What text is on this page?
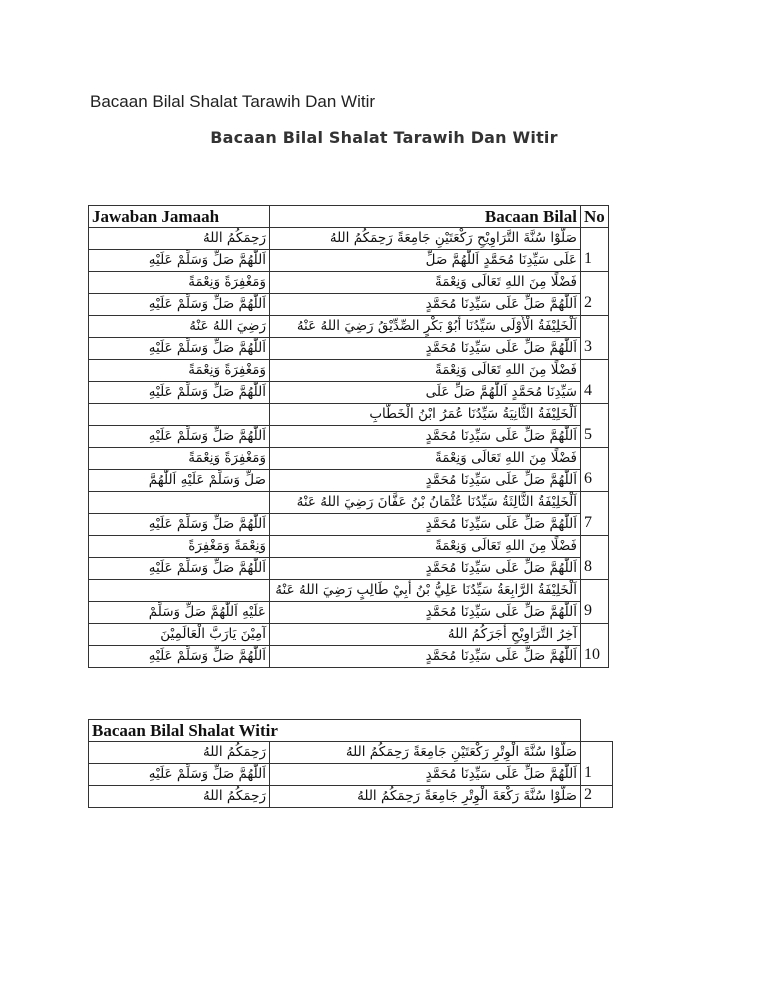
Bacaan Bilal Shalat Tarawih Dan Witir
Bacaan Bilal Shalat Tarawih Dan Witir
Jawaban Jamaah	Bacaan Bilal	No
رَحِمَكُمُ اللهُ	صَلُّوْا سُنَّةَ التَّرَاوِيْحِ رَكْعَتَيْنِ جَامِعَةً رَحِمَكُمُ اللهُ	1
اَللّٰهُمَّ صَلِّ وَسَلِّمْ عَلَيْهِ	عَلَى سَيِّدِنَا مُحَمَّدٍ اَللّٰهُمَّ صَلِّ	
وَمَغْفِرَةً وَنِعْمَةً	فَضْلًا مِنَ اللهِ تَعَالَى وَنِعْمَةً	2
اَللّٰهُمَّ صَلِّ وَسَلِّمْ عَلَيْهِ	اَللّٰهُمَّ صَلِّ عَلَى سَيِّدِنَا مُحَمَّدٍ	
رَضِيَ اللهُ عَنْهُ	اَلْخَلِيْفَةُ الْأُوْلَى سَيِّدُنَا أَبُوْ بَكْرٍ الصِّدِّيْقُ رَضِيَ اللهُ عَنْهُ	3
اَللّٰهُمَّ صَلِّ وَسَلِّمْ عَلَيْهِ	اَللّٰهُمَّ صَلِّ عَلَى سَيِّدِنَا مُحَمَّدٍ	
وَمَغْفِرَةً وَنِعْمَةً	فَضْلًا مِنَ اللهِ تَعَالَى وَنِعْمَةً	4
اَللّٰهُمَّ صَلِّ وَسَلِّمْ عَلَيْهِ	سَيِّدِنَا مُحَمَّدٍ اَللّٰهُمَّ صَلِّ عَلَى	
	اَلْخَلِيْفَةُ الثَّانِيَةُ سَيِّدُنَا عُمَرُ ابْنُ الْخَطَّابِ	5
اَللّٰهُمَّ صَلِّ وَسَلِّمْ عَلَيْهِ	اَللّٰهُمَّ صَلِّ عَلَى سَيِّدِنَا مُحَمَّدٍ	
وَمَغْفِرَةً وَنِعْمَةً	فَضْلًا مِنَ اللهِ تَعَالَى وَنِعْمَةً	6
صَلِّ وَسَلِّمْ عَلَيْهِ اَللّٰهُمَّ	اَللّٰهُمَّ صَلِّ عَلَى سَيِّدِنَا مُحَمَّدٍ	
	اَلْخَلِيْفَةُ الثَّالِثَةُ سَيِّدُنَا عُثْمَانُ بْنُ عَفَّانَ رَضِيَ اللهُ عَنْهُ	7
اَللّٰهُمَّ صَلِّ وَسَلِّمْ عَلَيْهِ	اَللّٰهُمَّ صَلِّ عَلَى سَيِّدِنَا مُحَمَّدٍ	
وَنِعْمَةً وَمَغْفِرَةً	فَضْلًا مِنَ اللهِ تَعَالَى وَنِعْمَةً	8
اَللّٰهُمَّ صَلِّ وَسَلِّمْ عَلَيْهِ	اَللّٰهُمَّ صَلِّ عَلَى سَيِّدِنَا مُحَمَّدٍ	
	اَلْخَلِيْفَةُ الرَّابِعَةُ سَيِّدُنَا عَلِيُّ بْنُ أَبِيْ طَالِبٍ رَضِيَ اللهُ عَنْهُ	9
عَلَيْهِ اَللّٰهُمَّ صَلِّ وَسَلِّمْ	اَللّٰهُمَّ صَلِّ عَلَى سَيِّدِنَا مُحَمَّدٍ	
آمِيْنَ يَارَبَّ الْعَالَمِيْنَ	آخِرُ التَّرَاوِيْحِ أَجَرَكُمُ اللهُ	10
اَللّٰهُمَّ صَلِّ وَسَلِّمْ عَلَيْهِ	اَللّٰهُمَّ صَلِّ عَلَى سَيِّدِنَا مُحَمَّدٍ	
Bacaan Bilal Shalat Witir		
رَحِمَكُمُ اللهُ	صَلُّوْا سُنَّةَ الْوِتْرِ رَكْعَتَيْنِ جَامِعَةً رَحِمَكُمُ اللهُ	1
اَللّٰهُمَّ صَلِّ وَسَلِّمْ عَلَيْهِ	اَللّٰهُمَّ صَلِّ عَلَى سَيِّدِنَا مُحَمَّدٍ	
رَحِمَكُمُ اللهُ	صَلُّوْا سُنَّةَ رَكْعَةَ الْوِتْرِ جَامِعَةً رَحِمَكُمُ اللهُ	2
